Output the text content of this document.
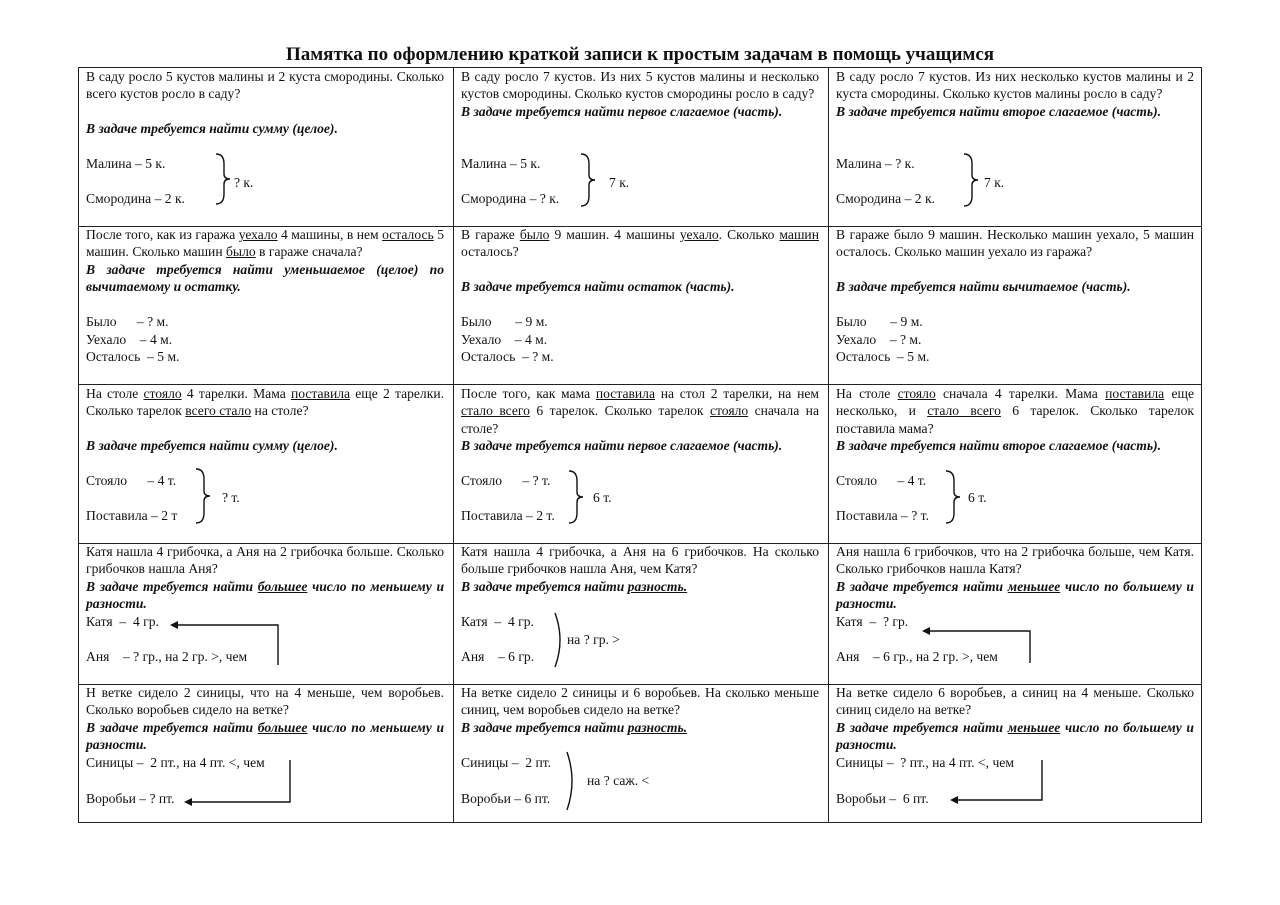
Памятка по оформлению краткой записи к простым задачам в помощь учащимся

В саду росло 5 кустов малины и 2 куста смородины. Сколько всего кустов росло в саду?

В задаче требуется найти сумму (целое).

Малина – 5 к.
Смородина – 2 к.
? к.

В саду росло 7 кустов. Из них 5 кустов малины и несколько кустов смородины. Сколько кустов смородины росло в саду?

В задаче требуется найти первое слагаемое (часть).

Малина – 5 к.
Смородина – ? к.
7 к.

В саду росло 7 кустов. Из них несколько кустов малины и 2 куста смородины. Сколько кустов малины росло в саду?

В задаче требуется найти второе слагаемое (часть).

Малина – ? к.
Смородина – 2 к.
7 к.

После того, как из гаража уехало 4 машины, в нем осталось 5 машин. Сколько машин было в гараже сначала?

В задаче требуется найти уменьшаемое (целое) по вычитаемому и остатку.

Было      – ? м.
Уехало    – 4 м.
Осталось  – 5 м.

В гараже было 9 машин. 4 машины уехало. Сколько машин осталось?

В задаче требуется найти остаток (часть).

Было       – 9 м.
Уехало    – 4 м.
Осталось  – ? м.

В гараже было 9 машин. Несколько машин уехало, 5 машин осталось. Сколько машин уехало из гаража?

В задаче требуется найти вычитаемое (часть).

Было       – 9 м.
Уехало    – ? м.
Осталось  – 5 м.

На столе стояло 4 тарелки. Мама поставила еще 2 тарелки. Сколько тарелок всего стало на столе?

В задаче требуется найти сумму (целое).

Стояло      – 4 т.
Поставила – 2 т
? т.

После того, как мама поставила на стол 2 тарелки, на нем стало всего 6 тарелок. Сколько тарелок стояло сначала на столе?

В задаче требуется найти первое слагаемое (часть).

Стояло      – ? т.
Поставила – 2 т.
6 т.

На столе стояло сначала 4 тарелки. Мама поставила еще несколько, и стало всего 6 тарелок. Сколько тарелок поставила мама?

В задаче требуется найти второе слагаемое (часть).

Стояло      – 4 т.
Поставила – ? т.
6 т.

Катя нашла 4 грибочка, а Аня на 2 грибочка больше. Сколько грибочков нашла Аня?

В задаче требуется найти большее число по меньшему и разности.

Катя  –  4 гр.
Аня    – ? гр., на 2 гр. >, чем

Катя нашла 4 грибочка, а Аня на 6 грибочков. На сколько больше грибочков нашла Аня, чем Катя?

В задаче требуется найти разность.

Катя  –  4 гр.
Аня    – 6 гр.
на ? гр. >

Аня нашла 6 грибочков, что на 2 грибочка больше, чем Катя. Сколько грибочков нашла Катя?

В задаче требуется найти меньшее число по большему и разности.

Катя  –  ? гр.
Аня    – 6 гр., на 2 гр. >, чем

Н ветке сидело 2 синицы, что на 4 меньше, чем воробьев. Сколько воробьев сидело на ветке?

В задаче требуется найти большее число по меньшему и разности.

Синицы –  2 пт., на 4 пт. <, чем
Воробьи – ? пт.

На ветке сидело 2 синицы и 6 воробьев. На сколько меньше синиц, чем воробьев сидело на ветке?

В задаче требуется найти разность.

Синицы –  2 пт.
Воробьи – 6 пт.
на ? саж. <

На ветке сидело 6 воробьев, а синиц на 4 меньше. Сколько синиц сидело на ветке?

В задаче требуется найти меньшее число по большему и разности.

Синицы –  ? пт., на 4 пт. <, чем
Воробьи –  6 пт.
